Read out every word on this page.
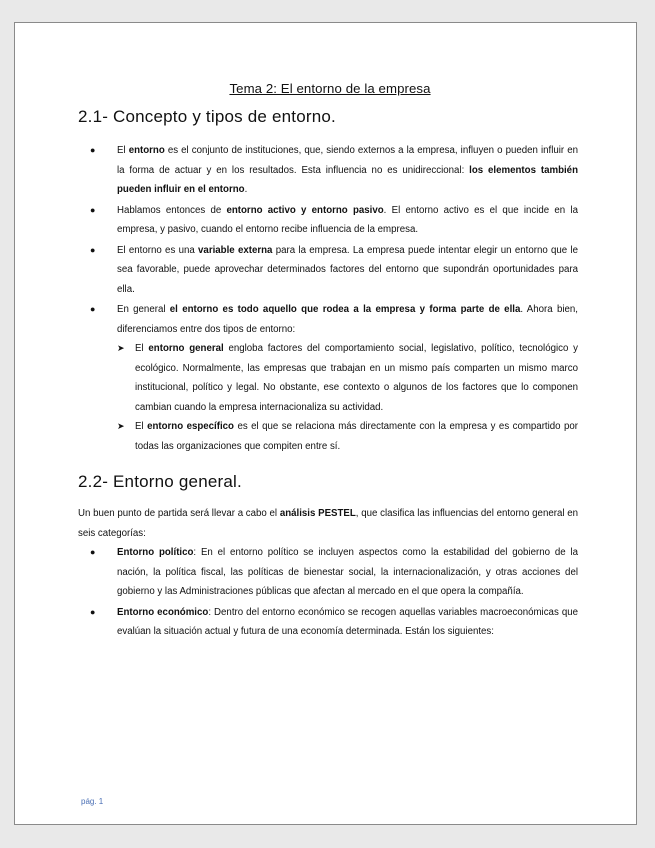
Tema 2: El entorno de la empresa
2.1- Concepto y tipos de entorno.
● El entorno es el conjunto de instituciones, que, siendo externos a la empresa, influyen o pueden influir en la forma de actuar y en los resultados. Esta influencia no es unidireccional: los elementos también pueden influir en el entorno.
● Hablamos entonces de entorno activo y entorno pasivo. El entorno activo es el que incide en la empresa, y pasivo, cuando el entorno recibe influencia de la empresa.
● El entorno es una variable externa para la empresa. La empresa puede intentar elegir un entorno que le sea favorable, puede aprovechar determinados factores del entorno que supondrán oportunidades para ella.
● En general el entorno es todo aquello que rodea a la empresa y forma parte de ella. Ahora bien, diferenciamos entre dos tipos de entorno:
➤ El entorno general engloba factores del comportamiento social, legislativo, político, tecnológico y ecológico. Normalmente, las empresas que trabajan en un mismo país comparten un mismo marco institucional, político y legal. No obstante, ese contexto o algunos de los factores que lo componen cambian cuando la empresa internacionaliza su actividad.
➤ El entorno específico es el que se relaciona más directamente con la empresa y es compartido por todas las organizaciones que compiten entre sí.
2.2- Entorno general.

Un buen punto de partida será llevar a cabo el análisis PESTEL, que clasifica las influencias del entorno general en seis categorías:

● Entorno político: En el entorno político se incluyen aspectos como la estabilidad del gobierno de la nación, la política fiscal, las políticas de bienestar social, la internacionalización, y otras acciones del gobierno y las Administraciones públicas que afectan al mercado en el que opera la compañía.
● Entorno económico: Dentro del entorno económico se recogen aquellas variables macroeconómicas que evalúan la situación actual y futura de una economía determinada. Están los siguientes:
pág. 1
